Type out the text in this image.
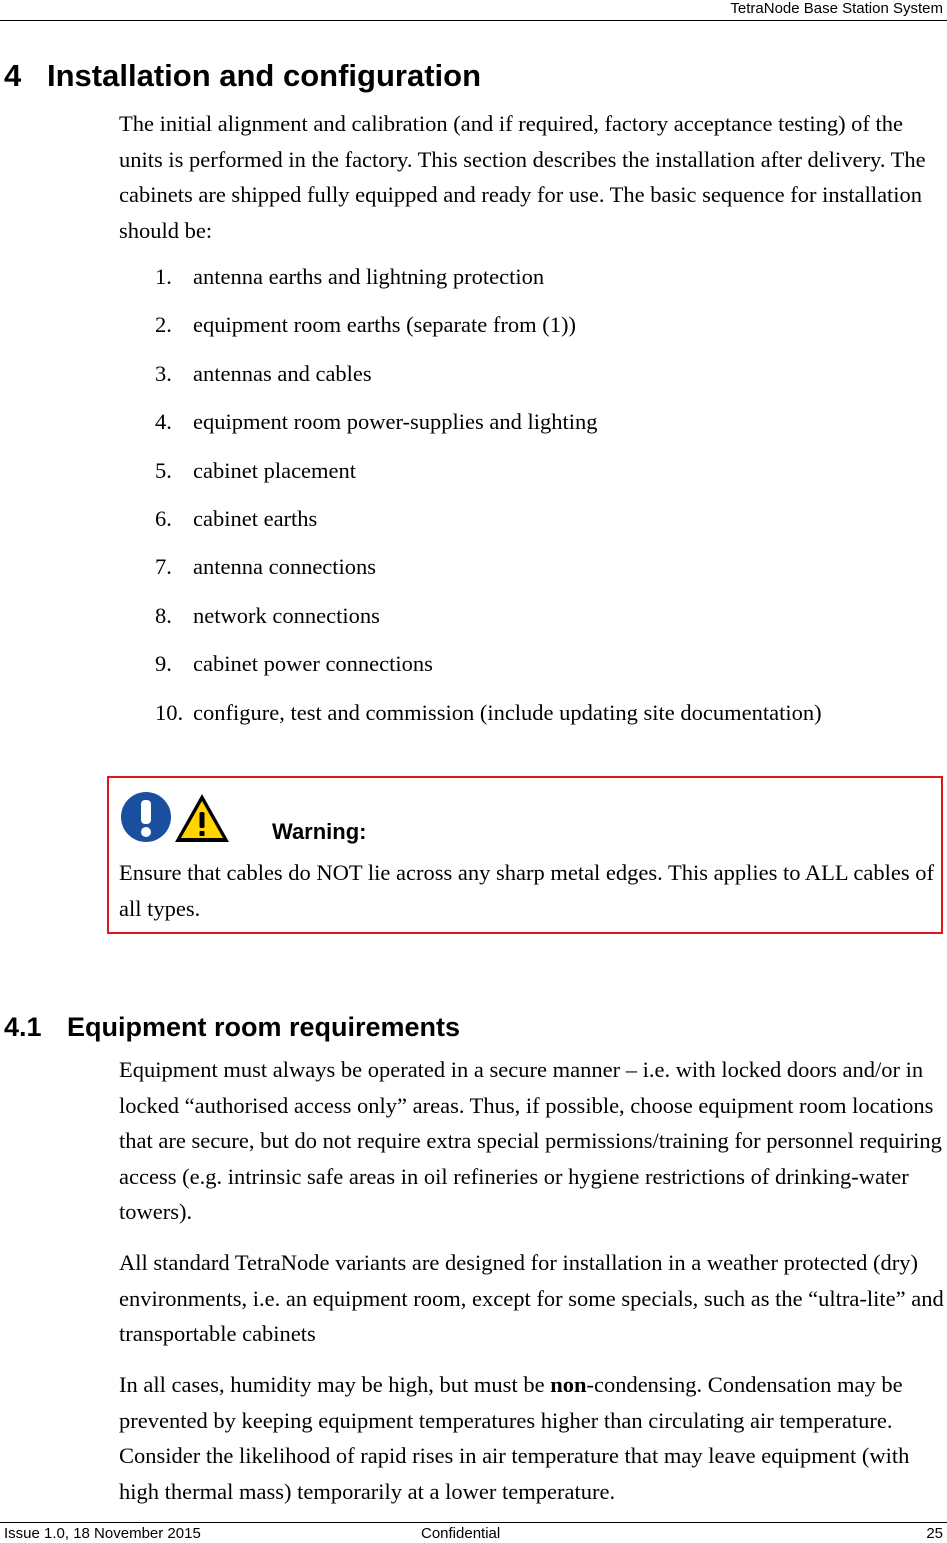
TetraNode Base Station System
4 Installation and configuration

The initial alignment and calibration (and if required, factory acceptance testing) of the units is performed in the factory. This section describes the installation after delivery. The cabinets are shipped fully equipped and ready for use. The basic sequence for installation should be:

1. antenna earths and lightning protection
2. equipment room earths (separate from (1))
3. antennas and cables
4. equipment room power-supplies and lighting
5. cabinet placement
6. cabinet earths
7. antenna connections
8. network connections
9. cabinet power connections
10. configure, test and commission (include updating site documentation)
Warning:

Ensure that cables do NOT lie across any sharp metal edges. This applies to ALL cables of all types.

4.1 Equipment room requirements

Equipment must always be operated in a secure manner – i.e. with locked doors and/or in locked “authorised access only” areas. Thus, if possible, choose equipment room locations that are secure, but do not require extra special permissions/training for personnel requiring access (e.g. intrinsic safe areas in oil refineries or hygiene restrictions of drinking-water towers).

All standard TetraNode variants are designed for installation in a weather protected (dry) environments, i.e. an equipment room, except for some specials, such as the “ultra-lite” and transportable cabinets

In all cases, humidity may be high, but must be non-condensing. Condensation may be prevented by keeping equipment temperatures higher than circulating air temperature. Consider the likelihood of rapid rises in air temperature that may leave equipment (with high thermal mass) temporarily at a lower temperature.

Issue 1.0, 18 November 2015	Confidential	25
